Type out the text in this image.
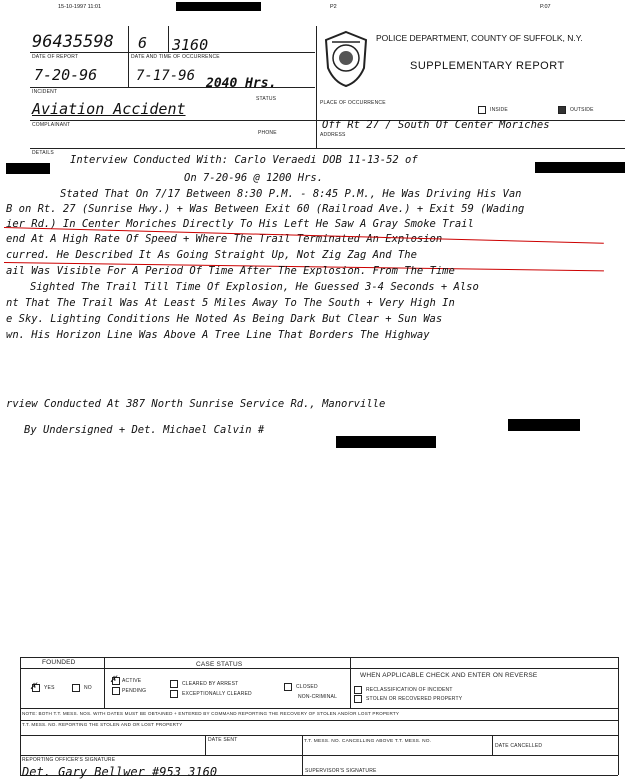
15-10-1997 11:01	P2	P.07
96435598 6 3160
DATE OF REPORT	DATE AND TIME OF OCCURRENCE
7-20-96	7-17-96 2040 Hrs.
INCIDENT
STATUS
Aviation Accident
POLICE DEPARTMENT, COUNTY OF SUFFOLK, N.Y.
SUPPLEMENTARY REPORT
PLACE OF OCCURRENCE
INSIDE	OUTSIDE
Off Rt 27 / South Of Center Moriches
COMPLAINANT
PHONE	ADDRESS
DETAILS
Interview Conducted With: Carlo Veraedi DOB 11-13-52 of
On 7-20-96 @ 1200 Hrs.
Stated That On 7/17 Between 8:30 P.M. - 8:45 P.M., He Was Driving His Van
B on Rt. 27 (Sunrise Hwy.) + Was Between Exit 60 (Railroad Ave.) + Exit 59 (Wading
ier Rd.) In Center Moriches Directly To His Left He Saw A Gray Smoke Trail
end At A High Rate Of Speed + Where The Trail Terminated An Explosion
curred. He Described It As Going Straight Up, Not Zig Zag And The
ail Was Visible For A Period Of Time After The Explosion. From The Time
Sighted The Trail Till Time Of Explosion, He Guessed 3-4 Seconds + Also
nt That The Trail Was At Least 5 Miles Away To The South + Very High In
e Sky. Lighting Conditions He Noted As Being Dark But Clear + Sun Was
wn. His Horizon Line Was Above A Tree Line That Borders The Highway
rview Conducted At 387 North Sunrise Service Rd., Manorville
By Undersigned + Det. Michael Calvin #
FOUNDED	CASE STATUS
WHEN APPLICABLE CHECK AND ENTER ON REVERSE
✗ YES	NO
✗ ACTIVE
PENDING
CLEARED BY ARREST
EXCEPTIONALLY CLEARED
CLOSED
NON-CRIMINAL
RECLASSIFICATION OF INCIDENT
STOLEN OR RECOVERED PROPERTY
NOTE: BOTH T.T. MESS. NOS. WITH DATES MUST BE OBTAINED + ENTERED BY COMMAND REPORTING THE RECOVERY OF STOLEN AND/OR LOST PROPERTY
T.T. MESS. NO. REPORTING THE STOLEN AND OR LOST PROPERTY
DATE SENT	T.T. MESS. NO. CANCELLING ABOVE T.T. MESS. NO.
DATE CANCELLED
REPORTING OFFICER'S SIGNATURE
Det. Gary Bellwer #953 3160	SUPERVISOR'S SIGNATURE
